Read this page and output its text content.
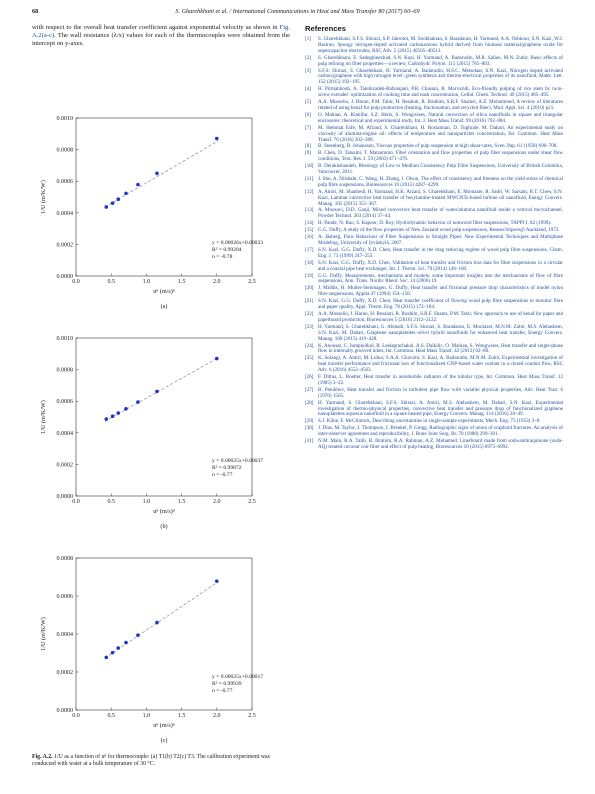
68	S. Gharehkhani et al. / International Communications in Heat and Mass Transfer 80 (2017) 60–69
with respect to the overall heat transfer coefficient against exponential velocity as shown in Fig. A.2(a-c). The wall resistance (λ/x) values for each of the thermocouples were obtained from the intercept on y-axes.
0.0	0.5	1.0	1.5	2.0	2.5
0.0000
0.0002
0.0004
0.0006
0.0008
0.0010
uⁿ (m/s)ⁿ
1/U (m²K/W)
(a)
y = 0.00026x+0.00033
R² = 0.99204
n = -0.78
0.0	0.5	1.0	1.5	2.0	2.5
0.0000
0.0002
0.0004
0.0006
0.0008
0.0010
uⁿ (m/s)ⁿ
1/U (m²K/W)
(b)
y = 0.00025x+0.00037
R² = 0.99872
n = -0.77
0.0	0.5	1.0	1.5	2.0	2.5
0.0000
0.0002
0.0004
0.0006
0.0008
uⁿ (m/s)ⁿ
1/U (m²K/W)
(c)
y = 0.00025x+0.00017
R² = 0.99939
n = -0.77
Fig. A.2. 1/U as a function of uⁿ for thermocouple: (a) T1(b) T2(c) T3. The calibration experiment was conducted with water at a bulk temperature of 30 °C.
References
[1] S. Gharehkhani, S.F.S. Shirazi, S.P. Jahromi, M. Sookhakian, S. Baradaran, H. Yarmand, A.A. Oshkour, S.N. Kazi, W.J. Basirun, Spongy nitrogen-doped activated carbonaceous hybrid derived from biomass material/graphene oxide for supercapacitor electrodes, RSC Adv. 5 (2015) 40505–40513.
[2] S. Gharehkhani, E. Sadeghinezhad, S.N. Kazi, H. Yarmand, A. Badarudin, M.R. Safaei, M.N. Zubir, Basic effects of pulp refining on fiber properties—a review, Carbohydr. Polym. 115 (2015) 785–803.
[3] S.F.S. Shirazi, S. Gharehkhani, H. Yarmand, A. Badarudin, H.S.C. Metselaar, S.N. Kazi, Nitrogen doped activated carbon/graphene with high nitrogen level: green synthesis and thermo-electrical properties of its nanofluid, Mater. Lett. 152 (2015) 192–195.
[4] H. Pirmahboub, A. Talebizadeh-Rafsanjani, P.R. Chasani, R. Morvaridi, Eco-friendly pulping of rice stem by twin-screw extruder: optimization of cooking time and nash concentration, Cellul. Chem. Technol. 49 (2015) 485–495.
[5] A.A. Mosselio, J. Harun, P.M. Tahir, H. Resalati, R. Ibrahim, S.R.F. Shamsi, A.Z. Mohammed, A review of literatures related of using kenaf for pulp production (beating, fractionation, and recycled fiber), Mod. Appl. Sci. 4 (2010) p21.
[6] O. Mahian, A. Kianifar, S.Z. Heris, S. Wongwises, Natural convection of silica nanofluids in square and triangular enclosures: theoretical and experimental study, Int. J. Heat Mass Transf. 99 (2016) 792–804.
[7] M. Hemmat Esfe, M. Afrand, S. Gharehkhani, H. Rostamian, D. Toghraie, M. Dahari, An experimental study on viscosity of alumina-engine oil: effects of temperature and nanoparticles concentration, Int. Commun. Heat Mass Transf. 76 (2016) 202–208.
[8] B. Steenberg, B. Johansson, Viscous properties of pulp suspension at high shear-rates, Sven. Pap. 61 (1958) 696–700.
[9] B. Chen, D. Tatsumi, T. Matsumoto, Fiber orientation and flow properties of pulp fiber suspensions under shear flow conditions, Text. Res. J. 59 (2003) 471–478.
[10] B. Derakhshandeh, Rheology of Low to Medium Consistency Pulp Fibre Suspensions, University of British Columbia, Vancouver, 2011.
[11] J. Shu, A. Nilsbaht, C. Wang, H. Zhang, J. Olson, The effect of consistency and freeness on the yield stress of chemical pulp fibre suspensions, Bioresources 10 (2015) 4287–4299.
[12] A. Amiri, M. Shanbedi, H. Yarmand, H.K. Arzani, S. Gharehkhani, E. Montazer, R. Sadri, W. Sarsam, B.T. Chew, S.N. Kazi, Laminar convective heat transfer of hexylamine-treated MWCNTs-based turbine oil nanofluid, Energy Convers. Manag. 105 (2015) 355–367.
[13] A. Moosavi, D.D. Ganji, Mixed convective heat transfer of water/alumina nanofluid inside a vertical microchannel, Powder Technol. 263 (2014) 37–44.
[14] H. Pande, N. Rao, S. Kapoor, D. Roy, Hydrodynamic behavior of nonwood fiber suspensions, TAPPI J. 82 (1999).
[15] G.G. Duffy, A study of the flow properties of New Zealand wood pulp suspensions, ResearchSpace@ Auckland, 1972.
[16] A. Jäsberg, Flow Behaviour of Fibre Suspensions in Straight Pipes: New Experimental Techniques and Multiphase Modeling, University of Jyväskylä, 2007.
[17] S.N. Kazi, G.G. Duffy, X.D. Chen, Heat transfer in the drag reducing regime of wood pulp fibre suspensions, Chem. Eng. J. 73 (1999) 247–253.
[18] S.N. Kazi, G.G. Duffy, X.D. Chen, Validation of heat transfer and friction loss data for fibre suspensions in a circular and a coaxial pipe heat exchanger, Int. J. Therm. Sci. 79 (2014) 146–160.
[19] G.G. Duffy, Measurements, mechanisms and models: some important insights into the mechanisms of flow of fibre suspensions, Ann. Trans. Nordic Rheol. Soc. 14 (2006) 19.
[20] J. Middis, H. Muller-Steinhagen, G. Duffy, Heat transfer and frictional pressure drop characteristics of model nylon fibre suspensions, Appita 47 (1994) 154–158.
[21] S.N. Kazi, G.G. Duffy, X.D. Chen, Heat transfer coefficient of flowing wood pulp fibre suspensions to monitor fibre and paper quality, Appl. Therm. Eng. 78 (2015) 172–184.
[22] A.A. Mosselio, J. Harun, H. Resalati, R. Ibrahim, S.R.F. Shams, P.M. Tahir, New approach to use of kenaf for paper and paperboard production, Bioresources 5 (2010) 2112–2122.
[23] H. Yarmand, S. Gharehkhani, G. Ahmadi, S.F.S. Shirazi, S. Baradaran, E. Montazer, M.N.M. Zubir, M.S. Alehashem, S.N. Kazi, M. Dahari, Graphene nanoplatelets–silver hybrid nanofluids for enhanced heat transfer, Energy Convers. Manag. 100 (2015) 419–428.
[24] K. Anoosat, C. Jumpholkul, R. Leelaprachakul, A.S. Dalkilic, O. Mahian, S. Wongwises, Heat transfer and single-phase flow in internally grooved tubes, Int. Commun. Heat Mass Transf. 42 (2013) 62–68.
[25] K. Solangi, A. Amiri, M. Luhur, S.A.A. Ghavimi, S. Kazi, A. Badarudin, M.N.M. Zubir, Experimental investigation of heat transfer performance and frictional loss of functionalized GNP-based water coolant in a closed conduit flow, RSC Adv. 6 (2016) 4552–4563.
[26] F. Dittus, L. Boelter, Heat transfer in automobile radiators of the tubular type, Int. Commun. Heat Mass Transf. 12 (1985) 3–22.
[27] B. Petukhov, Heat transfer and friction in turbulent pipe flow with variable physical properties, Adv. Heat Tran. 6 (1970) 1565.
[28] H. Yarmand, S. Gharehkhani, S.F.S. Shirazi, A. Amiri, M.S. Alehashem, M. Dahari, S.N. Kazi, Experimental investigation of thermo-physical properties, convective heat transfer and pressure drop of functionalized graphene nanoplatelets aqueous nanofluid in a square heated pipe, Energy Convers. Manag. 114 (2016) 38–49.
[29] S.J. Kline, F. McClintock, Describing uncertainties in single-sample experiments, Mech. Eng. 75 (1953) 3–8.
[30] J. Dias, M. Taylor, J. Thompson, I. Brenkel, P. Gregg, Radiographic signs of union of scaphoid fractures. An analysis of inter-observer agreement and reproducibility, J. Bone Joint Surg. Br. 70 (1988) 299–301.
[31] N.M. Main, R.A. Talib, R. Ibrahim, R.A. Rahman, A.Z. Mohamed, Linerboard made from soda-anthraquinone (soda-AQ) treated coconut coir fiber and effect of pulp beating, Bioresources 10 (2015) 6975–6992.
